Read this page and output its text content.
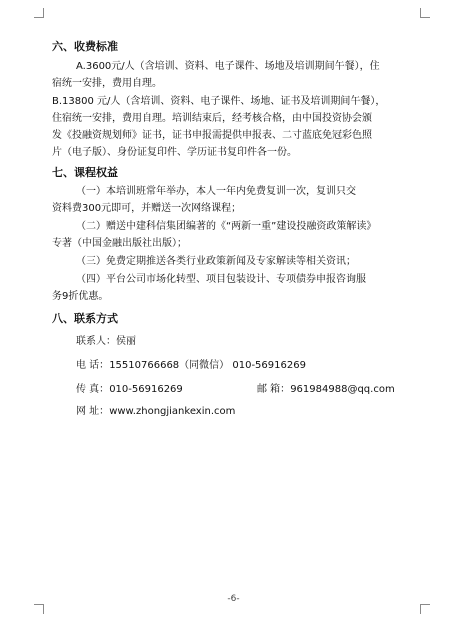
六、收费标准
A.3600元/人（含培训、资料、电子课件、场地及培训期间午餐），住
宿统一安排，费用自理。
B.13800 元/人（含培训、资料、电子课件、场地、证书及培训期间午餐），
住宿统一安排，费用自理。培训结束后，经考核合格，由中国投资协会颁
发《投融资规划师》证书，证书申报需提供申报表、二寸蓝底免冠彩色照
片（电子版）、身份证复印件、学历证书复印件各一份。
七、课程权益
（一）本培训班常年举办，本人一年内免费复训一次，复训只交
资料费300元即可，并赠送一次网络课程；
（二）赠送中建科信集团编著的《“两新一重”建设投融资政策解读》
专著（中国金融出版社出版）；
（三）免费定期推送各类行业政策新闻及专家解读等相关资讯；
（四）平台公司市场化转型、项目包装设计、专项债券申报咨询服
务9折优惠。
八、联系方式
联系人：侯丽
电 话：15510766668（同微信） 010-56916269
传 真：010-56916269	邮 箱：961984988@qq.com
网 址：www.zhongjiankexin.com
-6-
